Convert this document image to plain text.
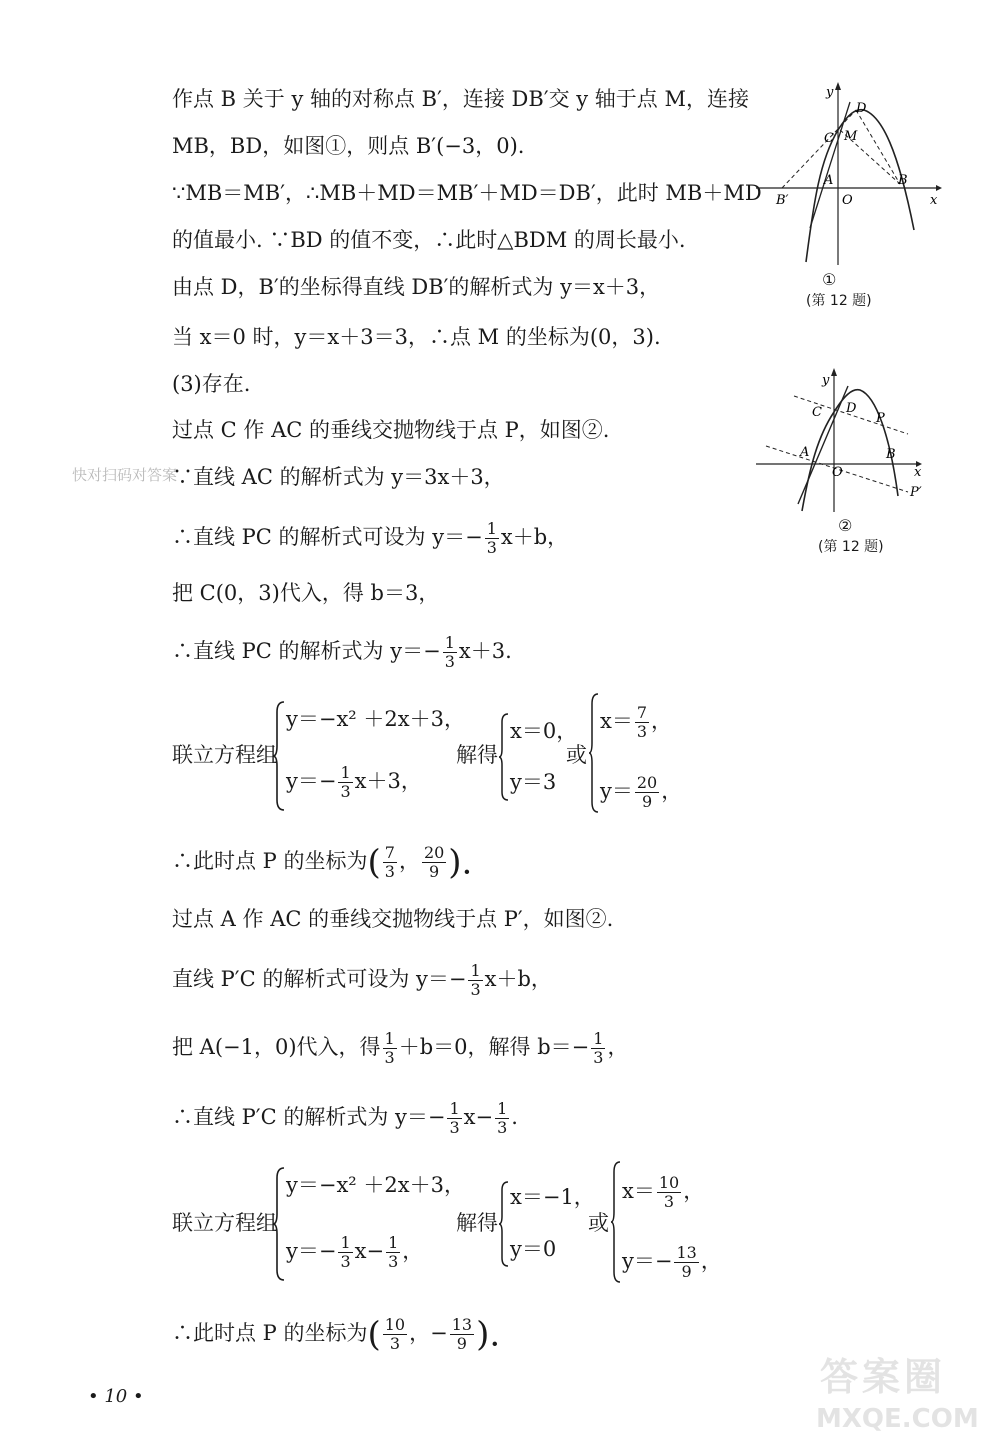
作点 B 关于 y 轴的对称点 B′，连接 DB′交 y 轴于点 M，连接
MB，BD，如图①，则点 B′(−3，0).
∵MB＝MB′，∴MB＋MD＝MB′＋MD＝DB′，此时 MB＋MD
的值最小. ∵BD 的值不变，∴此时△BDM 的周长最小.
由点 D，B′的坐标得直线 DB′的解析式为 y＝x＋3，
当 x＝0 时，y＝x＋3＝3，∴点 M 的坐标为(0，3).
(3)存在.
过点 C 作 AC 的垂线交抛物线于点 P，如图②.
快对扫码对答案
∵直线 AC 的解析式为 y＝3x＋3，
∴直线 PC 的解析式可设为 $y=- \frac{1}{3} x+b$，
把 C(0，3)代入，得 b＝3，
∴直线 PC 的解析式为 $y=- \frac{1}{3} x+3$.
联立方程组
y＝−x² ＋2x＋3，
$y=- \frac{1}{3} x+3$，
解得
x＝0，
y＝3
或
$x= \frac{7}{3}$ ，
$y= \frac{20}{9}$ ，
∴此时点 P 的坐标为( $\frac{7}{3}$ ， $\frac{20}{9}$ ).
过点 A 作 AC 的垂线交抛物线于点 P′，如图②.
直线 P′C 的解析式可设为 $y=- \frac{1}{3} x+b$，
把 A(−1，0)代入，得 $\frac{1}{3} +b=0$，解得 $b=- \frac{1}{3}$ ，
∴直线 P′C 的解析式为 $y=- \frac{1}{3} x- \frac{1}{3}$ .
联立方程组
y＝−x² ＋2x＋3，
$y=- \frac{1}{3} x- \frac{1}{3}$ ，
解得
x＝−1，
y＝0
或
$x= \frac{10}{3}$ ，
$y=- \frac{13}{9}$ ，
∴此时点 P 的坐标为( $\frac{10}{3}$ ，− $\frac{13}{9}$ ).
y
x
D
C M
A
O
B
B′
①
(第 12 题)
y
x
D
C	P
A
O
B
P′
②
(第 12 题)
• 10 •	答案圈
MXQE.COM
